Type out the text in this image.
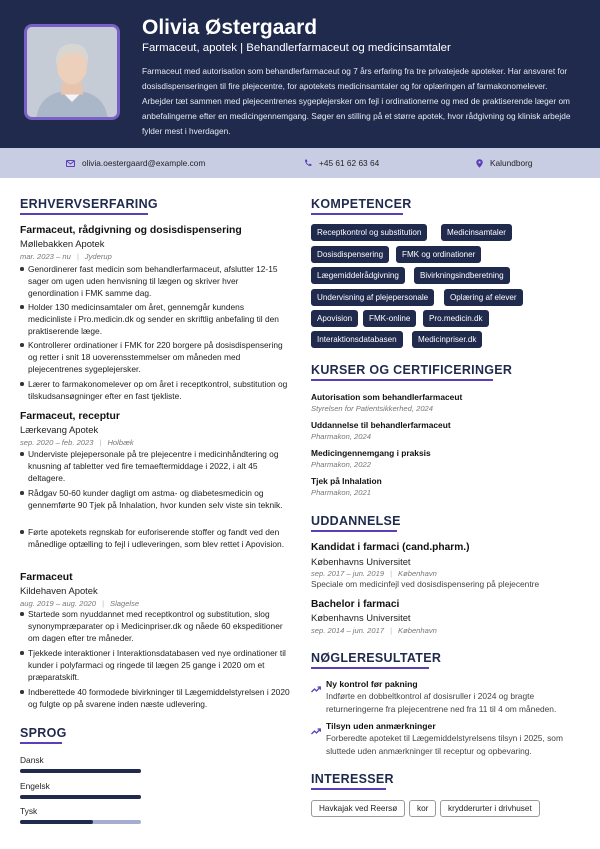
Olivia Østergaard
Farmaceut, apotek | Behandlerfarmaceut og medicinsamtaler
Farmaceut med autorisation som behandlerfarmaceut og 7 års erfaring fra tre privatejede apoteker. Har ansvaret for dosisdispenseringen til fire plejecentre, for apotekets medicinsamtaler og for oplæringen af farmakonomelever. Arbejder tæt sammen med plejecentrenes sygeplejersker om fejl i ordinationerne og med de praktiserende læger om anbefalingerne efter en medicingennemgang. Søger en stilling på et større apotek, hvor rådgivning og klinisk arbejde fylder mest i hverdagen.
olivia.oestergaard@example.com	+45 61 62 63 64	Kalundborg
ERHVERVSERFARING
Farmaceut, rådgivning og dosisdispensering
Møllebakken Apotek
mar. 2023 – nu | Jyderup
Genordinerer fast medicin som behandlerfarmaceut, afslutter 12-15 sager om ugen uden henvisning til lægen og skriver hver genordination i FMK samme dag.
Holder 130 medicinsamtaler om året, gennemgår kundens medicinliste i Pro.medicin.dk og sender en skriftlig anbefaling til den praktiserende læge.
Kontrollerer ordinationer i FMK for 220 borgere på dosisdispensering og retter i snit 18 uoverensstemmelser om måneden med plejecentrenes sygeplejersker.
Lærer to farmakonomelever op om året i receptkontrol, substitution og tilskudsansøgninger efter en fast tjekliste.
Farmaceut, receptur
Lærkevang Apotek
sep. 2020 – feb. 2023 | Holbæk
Underviste plejepersonale på tre plejecentre i medicinhåndtering og knusning af tabletter ved fire temaeftermiddage i 2022, i alt 45 deltagere.
Rådgav 50-60 kunder dagligt om astma- og diabetesmedicin og gennemførte 90 Tjek på Inhalation, hvor kunden selv viste sin teknik.
Førte apotekets regnskab for euforiserende stoffer og fandt ved den månedlige optælling to fejl i udleveringen, som blev rettet i Apovision.
Farmaceut
Kildehaven Apotek
aug. 2019 – aug. 2020 | Slagelse
Startede som nyuddannet med receptkontrol og substitution, slog synonympræparater op i Medicinpriser.dk og nåede 60 ekspeditioner om dagen efter tre måneder.
Tjekkede interaktioner i Interaktionsdatabasen ved nye ordinationer til kunder i polyfarmaci og ringede til lægen 25 gange i 2020 om et præparatskift.
Indberettede 40 formodede bivirkninger til Lægemiddelstyrelsen i 2020 og fulgte op på svarene inden næste udlevering.
SPROG
Dansk
Engelsk
Tysk
KOMPETENCER
Receptkontrol og substitution	Medicinsamtaler
Dosisdispensering	FMK og ordinationer
Lægemiddelrådgivning	Bivirkningsindberetning
Undervisning af plejepersonale	Oplæring af elever
Apovision	FMK-online	Pro.medicin.dk
Interaktionsdatabasen	Medicinpriser.dk
KURSER OG CERTIFICERINGER
Autorisation som behandlerfarmaceut
Styrelsen for Patientsikkerhed, 2024
Uddannelse til behandlerfarmaceut
Pharmakon, 2024
Medicingennemgang i praksis
Pharmakon, 2022
Tjek på Inhalation
Pharmakon, 2021
UDDANNELSE
Kandidat i farmaci (cand.pharm.)
Københavns Universitet
sep. 2017 – jun. 2019 | København
Speciale om medicinfejl ved dosisdispensering på plejecentre
Bachelor i farmaci
Københavns Universitet
sep. 2014 – jun. 2017 | København
NØGLERESULTATER
Ny kontrol før pakning
Indførte en dobbeltkontrol af dosisruller i 2024 og bragte returneringerne fra plejecentrene ned fra 11 til 4 om måneden.
Tilsyn uden anmærkninger
Forberedte apoteket til Lægemiddelstyrelsens tilsyn i 2025, som sluttede uden anmærkninger til receptur og opbevaring.
INTERESSER
Havkajak ved Reersø	kor	krydderurter i drivhuset
